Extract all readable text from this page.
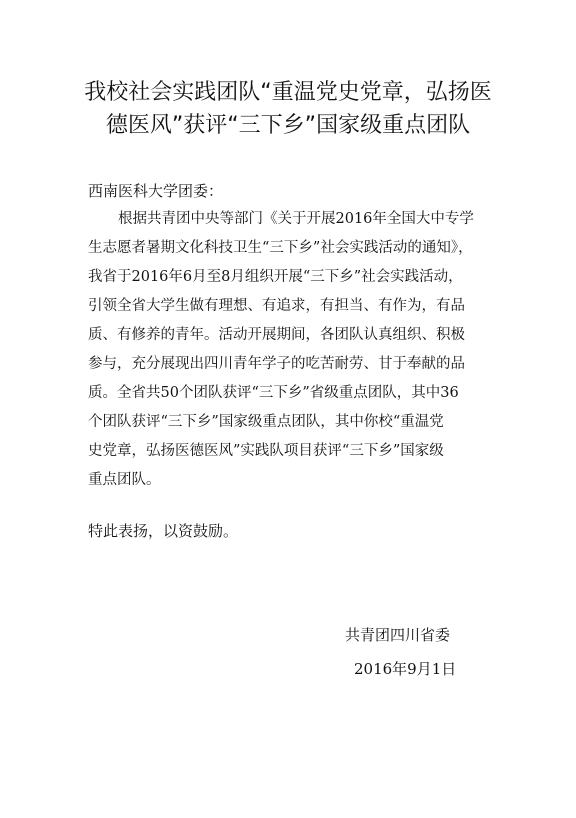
我校社会实践团队“重温党史党章，弘扬医
德医风”获评“三下乡”国家级重点团队
西南医科大学团委：
根据共青团中央等部门《关于开展2016年全国大中专学
生志愿者暑期文化科技卫生“三下乡”社会实践活动的通知》，
我省于2016年6月至8月组织开展“三下乡”社会实践活动，
引领全省大学生做有理想、有追求，有担当、有作为，有品
质、有修养的青年。活动开展期间，各团队认真组织、积极
参与，充分展现出四川青年学子的吃苦耐劳、甘于奉献的品
质。全省共50个团队获评“三下乡”省级重点团队，其中36
个团队获评“三下乡”国家级重点团队，其中你校“重温党
史党章，弘扬医德医风”实践队项目获评“三下乡”国家级
重点团队。
特此表扬，以资鼓励。
共青团四川省委
2016年9月1日
